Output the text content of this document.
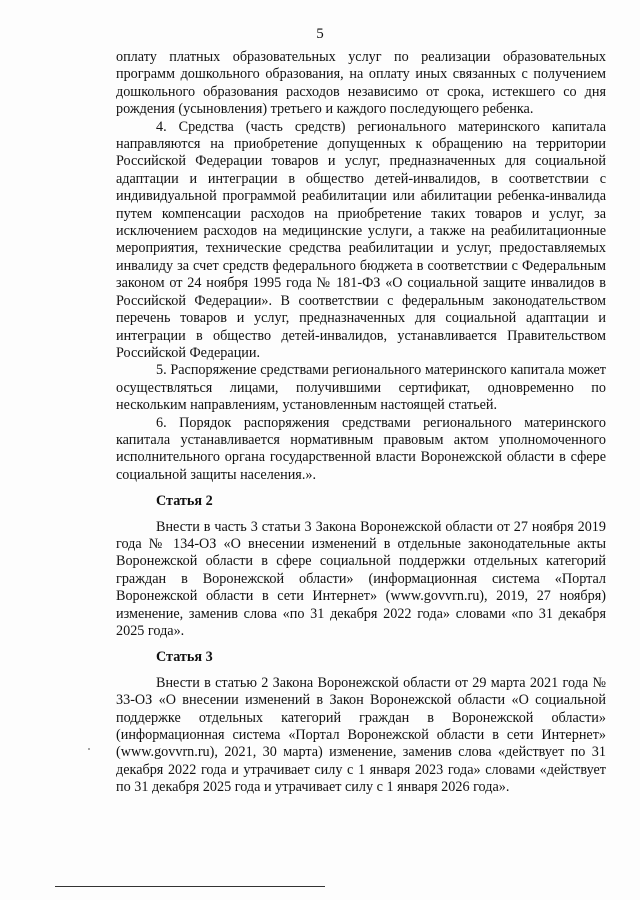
5

оплату платных образовательных услуг по реализации образовательных программ дошкольного образования, на оплату иных связанных с получением дошкольного образования расходов независимо от срока, истекшего со дня рождения (усыновления) третьего и каждого последующего ребенка.

4. Средства (часть средств) регионального материнского капитала направляются на приобретение допущенных к обращению на территории Российской Федерации товаров и услуг, предназначенных для социальной адаптации и интеграции в общество детей-инвалидов, в соответствии с индивидуальной программой реабилитации или абилитации ребенка-инвалида путем компенсации расходов на приобретение таких товаров и услуг, за исключением расходов на медицинские услуги, а также на реабилитационные мероприятия, технические средства реабилитации и услуг, предоставляемых инвалиду за счет средств федерального бюджета в соответствии с Федеральным законом от 24 ноября 1995 года № 181-ФЗ «О социальной защите инвалидов в Российской Федерации». В соответствии с федеральным законодательством перечень товаров и услуг, предназначенных для социальной адаптации и интеграции в общество детей-инвалидов, устанавливается Правительством Российской Федерации.

5. Распоряжение средствами регионального материнского капитала может осуществляться лицами, получившими сертификат, одновременно по нескольким направлениям, установленным настоящей статьей.

6. Порядок распоряжения средствами регионального материнского капитала устанавливается нормативным правовым актом уполномоченного исполнительного органа государственной власти Воронежской области в сфере социальной защиты населения.».

Статья 2

Внести в часть 3 статьи 3 Закона Воронежской области от 27 ноября 2019 года № 134-ОЗ «О внесении изменений в отдельные законодательные акты Воронежской области в сфере социальной поддержки отдельных категорий граждан в Воронежской области» (информационная система «Портал Воронежской области в сети Интернет» (www.govvrn.ru), 2019, 27 ноября) изменение, заменив слова «по 31 декабря 2022 года» словами «по 31 декабря 2025 года».

Статья 3

Внести в статью 2 Закона Воронежской области от 29 марта 2021 года № 33-ОЗ «О внесении изменений в Закон Воронежской области «О социальной поддержке отдельных категорий граждан в Воронежской области» (информационная система «Портал Воронежской области в сети Интернет» (www.govvrn.ru), 2021, 30 марта) изменение, заменив слова «действует по 31 декабря 2022 года и утрачивает силу с 1 января 2023 года» словами «действует по 31 декабря 2025 года и утрачивает силу с 1 января 2026 года».
